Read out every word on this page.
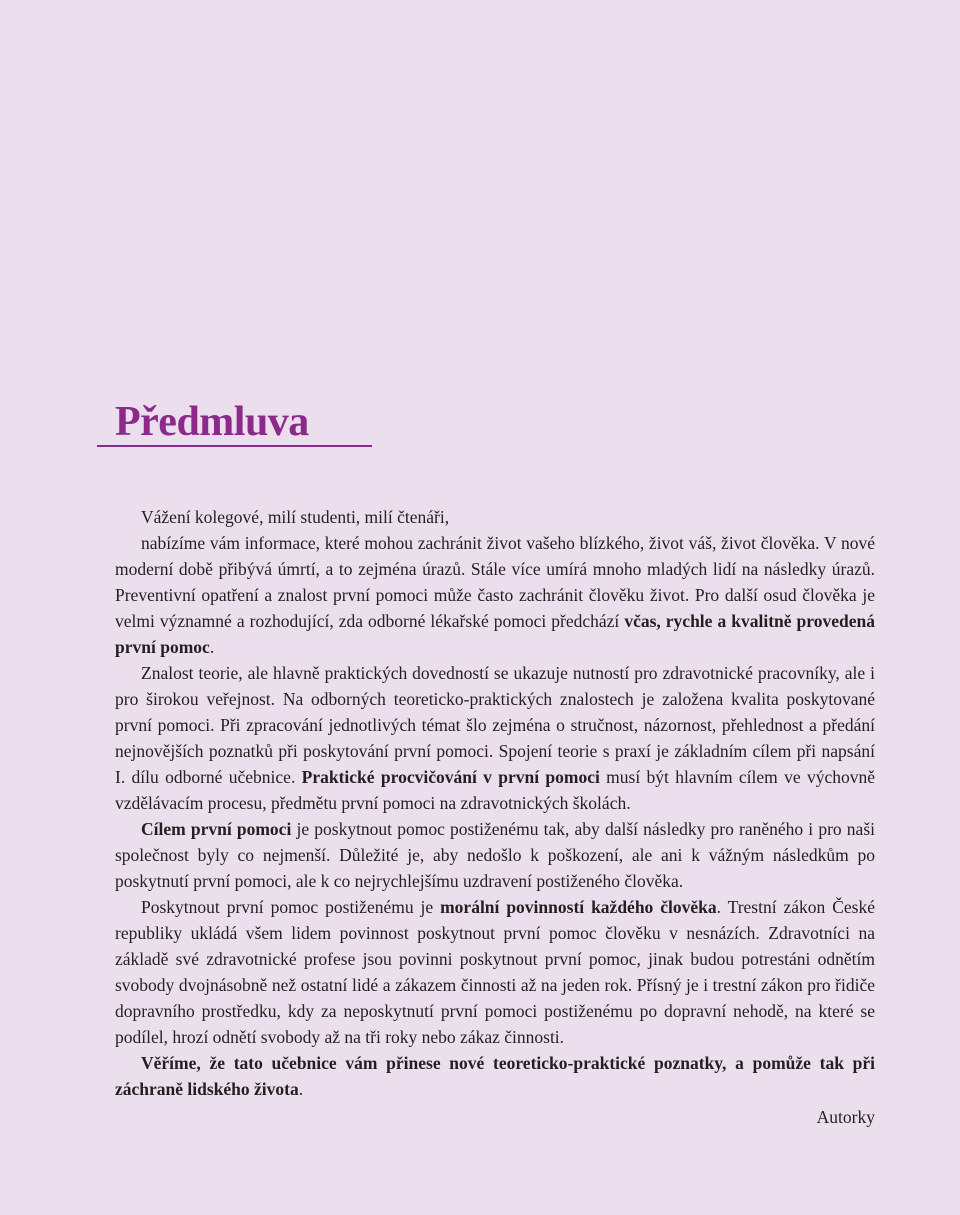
Předmluva

Vážení kolegové, milí studenti, milí čtenáři,

nabízíme vám informace, které mohou zachránit život vašeho blízkého, život váš, život člověka. V nové moderní době přibývá úmrtí, a to zejména úrazů. Stále více umírá mnoho mladých lidí na následky úrazů. Preventivní opatření a znalost první pomoci může často zachránit člověku život. Pro další osud člověka je velmi významné a rozhodující, zda odborné lékařské pomoci předchází včas, rychle a kvalitně provedená první pomoc.

Znalost teorie, ale hlavně praktických dovedností se ukazuje nutností pro zdravotnické pracovníky, ale i pro širokou veřejnost. Na odborných teoreticko-praktických znalostech je založena kvalita poskytované první pomoci. Při zpracování jednotlivých témat šlo zejména o stručnost, názornost, přehlednost a předání nejnovějších poznatků při poskytování první pomoci. Spojení teorie s praxí je základním cílem při napsání I. dílu odborné učebnice. Praktické procvičování v první pomoci musí být hlavním cílem ve výchovně vzdělávacím procesu, předmětu první pomoci na zdravotnických školách.

Cílem první pomoci je poskytnout pomoc postiženému tak, aby další následky pro raněného i pro naši společnost byly co nejmenší. Důležité je, aby nedošlo k poškození, ale ani k vážným následkům po poskytnutí první pomoci, ale k co nejrychlejšímu uzdravení postiženého člověka.

Poskytnout první pomoc postiženému je morální povinností každého člověka. Trestní zákon České republiky ukládá všem lidem povinnost poskytnout první pomoc člověku v nesnázích. Zdravotníci na základě své zdravotnické profese jsou povinni poskytnout první pomoc, jinak budou potrestáni odnětím svobody dvojnásobně než ostatní lidé a zákazem činnosti až na jeden rok. Přísný je i trestní zákon pro řidiče dopravního prostředku, kdy za neposkytnutí první pomoci postiženému po dopravní nehodě, na které se podílel, hrozí odnětí svobody až na tři roky nebo zákaz činnosti.

Věříme, že tato učebnice vám přinese nové teoreticko-praktické poznatky, a pomůže tak při záchraně lidského života.

Autorky
